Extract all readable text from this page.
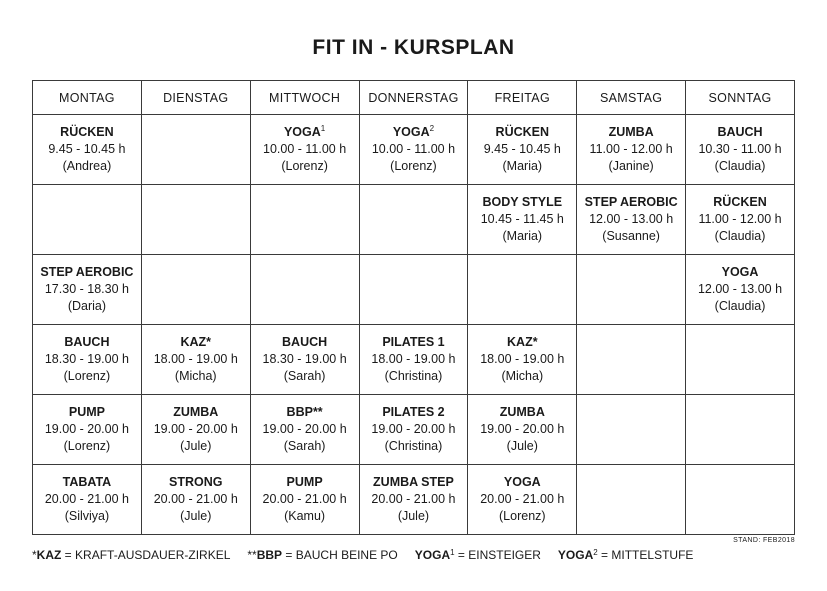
FIT IN - KURSPLAN
MONTAG	DIENSTAG	MITTWOCH	DONNERSTAG	FREITAG	SAMSTAG	SONNTAG

RÜCKEN
9.45 - 10.45 h
(Andrea)		YOGA$^1$
10.00 - 11.00 h
(Lorenz)	YOGA$^2$
10.00 - 11.00 h
(Lorenz)	RÜCKEN
9.45 - 10.45 h
(Maria)	ZUMBA
11.00 - 12.00 h
(Janine)	BAUCH
10.30 - 11.00 h
(Claudia)

				BODY STYLE
10.45 - 11.45 h
(Maria)	STEP AEROBIC
12.00 - 13.00 h
(Susanne)	RÜCKEN
11.00 - 12.00 h
(Claudia)

STEP AEROBIC
17.30 - 18.30 h
(Daria)						YOGA
12.00 - 13.00 h
(Claudia)

BAUCH
18.30 - 19.00 h
(Lorenz)	KAZ*
18.00 - 19.00 h
(Micha)	BAUCH
18.30 - 19.00 h
(Sarah)	PILATES 1
18.00 - 19.00 h
(Christina)	KAZ*
18.00 - 19.00 h
(Micha)		

PUMP
19.00 - 20.00 h
(Lorenz)	ZUMBA
19.00 - 20.00 h
(Jule)	BBP**
19.00 - 20.00 h
(Sarah)	PILATES 2
19.00 - 20.00 h
(Christina)	ZUMBA
19.00 - 20.00 h
(Jule)		

TABATA
20.00 - 21.00 h
(Silviya)	STRONG
20.00 - 21.00 h
(Jule)	PUMP
20.00 - 21.00 h
(Kamu)	ZUMBA STEP
20.00 - 21.00 h
(Jule)	YOGA
20.00 - 21.00 h
(Lorenz)		

STAND: FEB2018
*KAZ = KRAFT-AUSDAUER-ZIRKEL **BBP = BAUCH BEINE PO $YOGA^1$ = EINSTEIGER $YOGA^2$ = MITTELSTUFE
